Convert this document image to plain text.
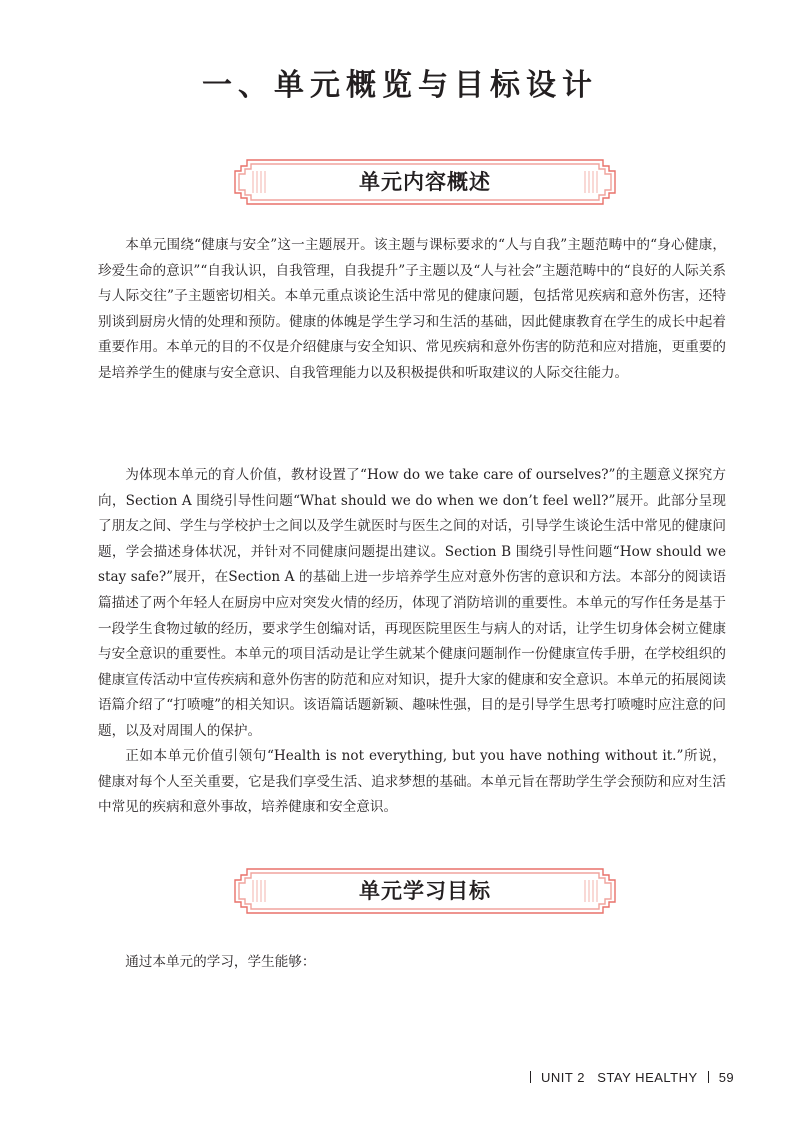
一、单元概览与目标设计
单元内容概述

本单元围绕“健康与安全”这一主题展开。该主题与课标要求的“人与自我”主题范畴中的“身心健康，珍爱生命的意识”“自我认识，自我管理，自我提升”子主题以及“人与社会”主题范畴中的“良好的人际关系与人际交往”子主题密切相关。本单元重点谈论生活中常见的健康问题，包括常见疾病和意外伤害，还特别谈到厨房火情的处理和预防。健康的体魄是学生学习和生活的基础，因此健康教育在学生的成长中起着重要作用。本单元的目的不仅是介绍健康与安全知识、常见疾病和意外伤害的防范和应对措施，更重要的是培养学生的健康与安全意识、自我管理能力以及积极提供和听取建议的人际交往能力。

为体现本单元的育人价值，教材设置了“How do we take care of ourselves?”的主题意义探究方向，Section A 围绕引导性问题“What should we do when we don’t feel well?”展开。此部分呈现了朋友之间、学生与学校护士之间以及学生就医时与医生之间的对话，引导学生谈论生活中常见的健康问题，学会描述身体状况，并针对不同健康问题提出建议。Section B 围绕引导性问题“How should we stay safe?”展开，在Section A 的基础上进一步培养学生应对意外伤害的意识和方法。本部分的阅读语篇描述了两个年轻人在厨房中应对突发火情的经历，体现了消防培训的重要性。本单元的写作任务是基于一段学生食物过敏的经历，要求学生创编对话，再现医院里医生与病人的对话，让学生切身体会树立健康与安全意识的重要性。本单元的项目活动是让学生就某个健康问题制作一份健康宣传手册，在学校组织的健康宣传活动中宣传疾病和意外伤害的防范和应对知识，提升大家的健康和安全意识。本单元的拓展阅读语篇介绍了“打喷嚏”的相关知识。该语篇话题新颖、趣味性强，目的是引导学生思考打喷嚏时应注意的问题，以及对周围人的保护。

正如本单元价值引领句“Health is not everything, but you have nothing without it.”所说，健康对每个人至关重要，它是我们享受生活、追求梦想的基础。本单元旨在帮助学生学会预防和应对生活中常见的疾病和意外事故，培养健康和安全意识。

单元学习目标

通过本单元的学习，学生能够：

UNIT 2 STAY HEALTHY 59
